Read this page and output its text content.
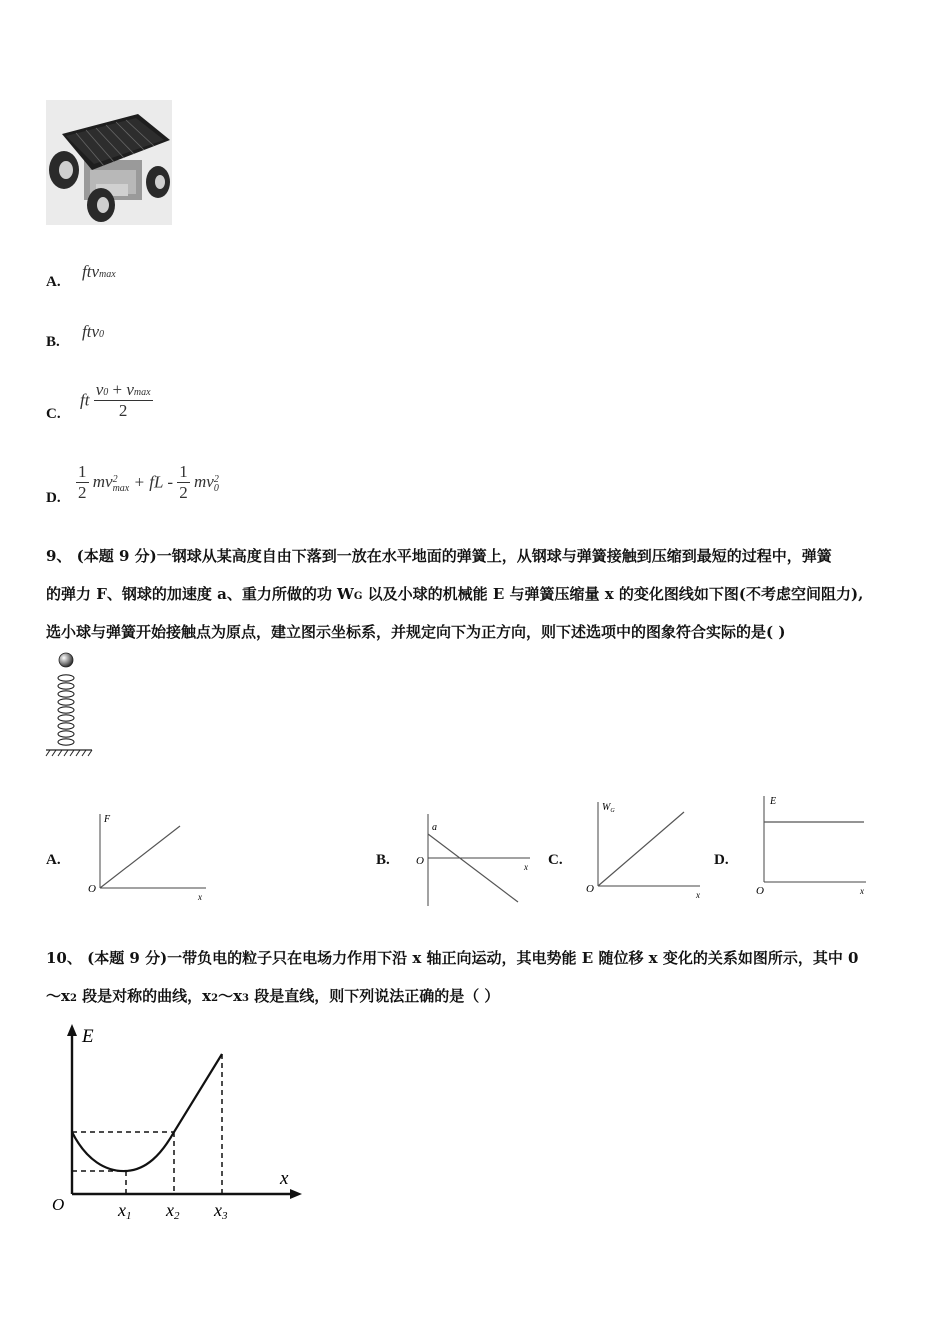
A.
ftvmax
B.
ftv0
C.
ft $\frac{v0 + vmax}{2}$
D. $\frac{1}{2}$ mv 2
max + fL - $\frac{1}{2}$ mv 2
0
9、 (本题 9 分)一钢球从某高度自由下落到一放在水平地面的弹簧上，从钢球与弹簧接触到压缩到最短的过程中，弹簧
的弹力 F、钢球的加速度 a、重力所做的功 WG 以及小球的机械能 E 与弹簧压缩量 x 的变化图线如下图(不考虑空间阻力),
选小球与弹簧开始接触点为原点，建立图示坐标系，并规定向下为正方向，则下述选项中的图象符合实际的是( )
A.
F
x
O
B.
a
x
O	C.
$W_G$
x
O
D.
E
x
O
10、 (本题 9 分)一带负电的粒子只在电场力作用下沿 x 轴正向运动，其电势能 E 随位移 x 变化的关系如图所示，其中 0
～x2 段是对称的曲线，x2～x3 段是直线，则下列说法正确的是（ ）
E
x
O	x1 x2 x3
